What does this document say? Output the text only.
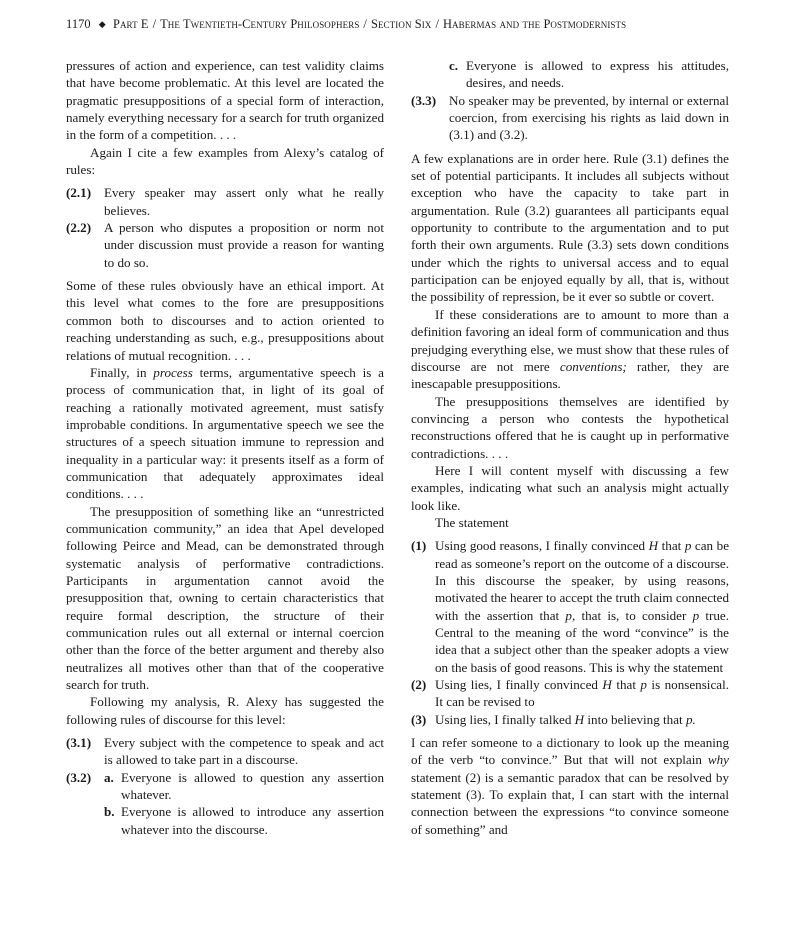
1170 ◆ Part E / The Twentieth-Century Philosophers / Section Six / Habermas and the Postmodernists

pressures of action and experience, can test validity claims that have become problematic. At this level are located the pragmatic presuppositions of a special form of interaction, namely everything necessary for a search for truth organized in the form of a competition. . . .

Again I cite a few examples from Alexy’s catalog of rules:

(2.1) Every speaker may assert only what he really believes.
(2.2) A person who disputes a proposition or norm not under discussion must provide a reason for wanting to do so.

Some of these rules obviously have an ethical import. At this level what comes to the fore are presuppositions common both to discourses and to action oriented to reaching understanding as such, e.g., presuppositions about relations of mutual recognition. . . .

Finally, in process terms, argumentative speech is a process of communication that, in light of its goal of reaching a rationally motivated agreement, must satisfy improbable conditions. In argumentative speech we see the structures of a speech situation immune to repression and inequality in a particular way: it presents itself as a form of communication that adequately approximates ideal conditions. . . .

The presupposition of something like an “unrestricted communication community,” an idea that Apel developed following Peirce and Mead, can be demonstrated through systematic analysis of performative contradictions. Participants in argumentation cannot avoid the presupposition that, owning to certain characteristics that require formal description, the structure of their communication rules out all external or internal coercion other than the force of the better argument and thereby also neutralizes all motives other than that of the cooperative search for truth.

Following my analysis, R. Alexy has suggested the following rules of discourse for this level:

(3.1) Every subject with the competence to speak and act is allowed to take part in a discourse.
(3.2) a. Everyone is allowed to question any assertion whatever.
b. Everyone is allowed to introduce any assertion whatever into the discourse.
c. Everyone is allowed to express his attitudes, desires, and needs.
(3.3) No speaker may be prevented, by internal or external coercion, from exercising his rights as laid down in (3.1) and (3.2).

A few explanations are in order here. Rule (3.1) defines the set of potential participants. It includes all subjects without exception who have the capacity to take part in argumentation. Rule (3.2) guarantees all participants equal opportunity to contribute to the argumentation and to put forth their own arguments. Rule (3.3) sets down conditions under which the rights to universal access and to equal participation can be enjoyed equally by all, that is, without the possibility of repression, be it ever so subtle or covert.

If these considerations are to amount to more than a definition favoring an ideal form of communication and thus prejudging everything else, we must show that these rules of discourse are not mere conventions; rather, they are inescapable presuppositions.

The presuppositions themselves are identified by convincing a person who contests the hypothetical reconstructions offered that he is caught up in performative contradictions. . . .

Here I will content myself with discussing a few examples, indicating what such an analysis might actually look like.

The statement

(1) Using good reasons, I finally convinced H that p can be read as someone’s report on the outcome of a discourse. In this discourse the speaker, by using reasons, motivated the hearer to accept the truth claim connected with the assertion that p, that is, to consider p true. Central to the meaning of the word “convince” is the idea that a subject other than the speaker adopts a view on the basis of good reasons. This is why the statement
(2) Using lies, I finally convinced H that p is nonsensical. It can be revised to
(3) Using lies, I finally talked H into believing that p.

I can refer someone to a dictionary to look up the meaning of the verb “to convince.” But that will not explain why statement (2) is a semantic paradox that can be resolved by statement (3). To explain that, I can start with the internal connection between the expressions “to convince someone of something” and
